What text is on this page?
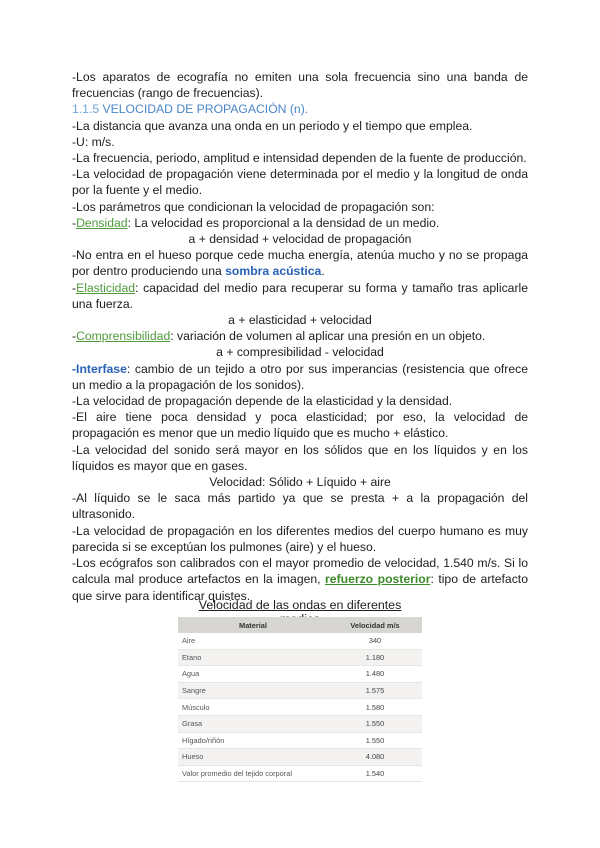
-Los aparatos de ecografía no emiten una sola frecuencia sino una banda de frecuencias (rango de frecuencias).

1.1.5 VELOCIDAD DE PROPAGACIÓN (n).

-La distancia que avanza una onda en un periodo y el tiempo que emplea.

-U: m/s.

-La frecuencia, periodo, amplitud e intensidad dependen de la fuente de producción.

-La velocidad de propagación viene determinada por el medio y la longitud de onda por la fuente y el medio.

-Los parámetros que condicionan la velocidad de propagación son:

-Densidad: La velocidad es proporcional a la densidad de un medio.

a + densidad + velocidad de propagación

-No entra en el hueso porque cede mucha energía, atenúa mucho y no se propaga por dentro produciendo una sombra acústica.

-Elasticidad: capacidad del medio para recuperar su forma y tamaño tras aplicarle una fuerza.

a + elasticidad + velocidad

-Comprensibilidad: variación de volumen al aplicar una presión en un objeto.

a + compresibilidad - velocidad

-Interfase: cambio de un tejido a otro por sus imperancias (resistencia que ofrece un medio a la propagación de los sonidos).

-La velocidad de propagación depende de la elasticidad y la densidad.

-El aire tiene poca densidad y poca elasticidad; por eso, la velocidad de propagación es menor que un medio líquido que es mucho + elástico.

-La velocidad del sonido será mayor en los sólidos que en los líquidos y en los líquidos es mayor que en gases.

Velocidad: Sólido + Líquido + aire

-Al líquido se le saca más partido ya que se presta + a la propagación del ultrasonido.

-La velocidad de propagación en los diferentes medios del cuerpo humano es muy parecida si se exceptúan los pulmones (aire) y el hueso.

-Los ecógrafos son calibrados con el mayor promedio de velocidad, 1.540 m/s. Si lo calcula mal produce artefactos en la imagen, refuerzo posterior: tipo de artefacto que sirve para identificar quistes.

Velocidad de las ondas en diferentes
Material	Velocidad m/s
Aire	340
Etano	1.180
Agua	1.480
Sangre	1.575
Músculo	1.580
Grasa	1.550
Hígado/riñón	1.550
Hueso	4.080
Valor promedio del tejido corporal	1.540
